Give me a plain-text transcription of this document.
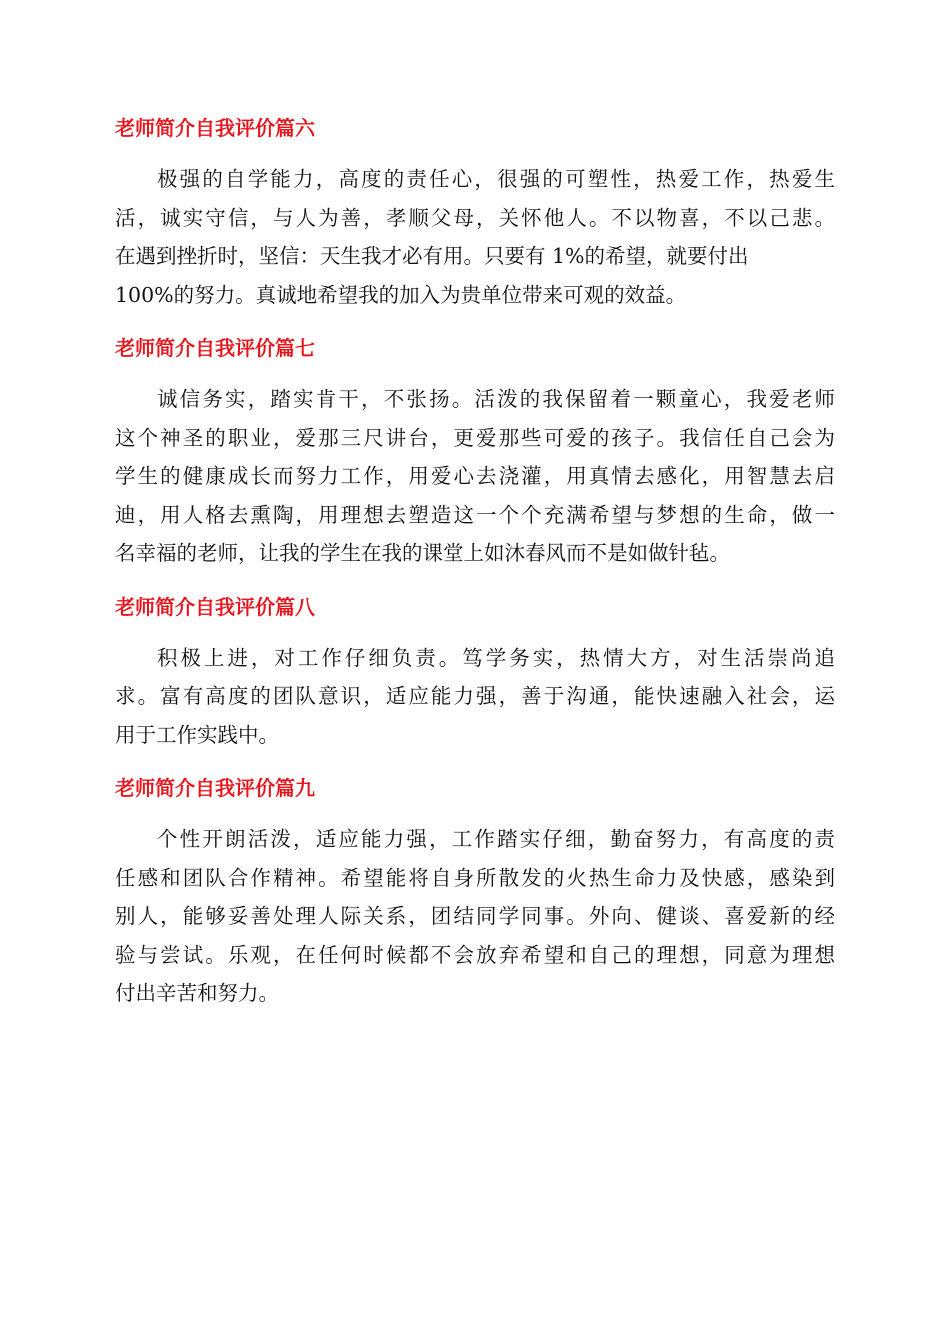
老师简介自我评价篇六

极强的自学能力，高度的责任心，很强的可塑性，热爱工作，热爱生
活，诚实守信，与人为善，孝顺父母，关怀他人。不以物喜，不以己悲。
在遇到挫折时，坚信：天生我才必有用。只要有 1%的希望，就要付出
100%的努力。真诚地希望我的加入为贵单位带来可观的效益。

老师简介自我评价篇七

诚信务实，踏实肯干，不张扬。活泼的我保留着一颗童心，我爱老师
这个神圣的职业，爱那三尺讲台，更爱那些可爱的孩子。我信任自己会为
学生的健康成长而努力工作，用爱心去浇灌，用真情去感化，用智慧去启
迪，用人格去熏陶，用理想去塑造这一个个充满希望与梦想的生命，做一
名幸福的老师，让我的学生在我的课堂上如沐春风而不是如做针毡。

老师简介自我评价篇八

积极上进，对工作仔细负责。笃学务实，热情大方，对生活崇尚追
求。富有高度的团队意识，适应能力强，善于沟通，能快速融入社会，运
用于工作实践中。

老师简介自我评价篇九

个性开朗活泼，适应能力强，工作踏实仔细，勤奋努力，有高度的责
任感和团队合作精神。希望能将自身所散发的火热生命力及快感，感染到
别人，能够妥善处理人际关系，团结同学同事。外向、健谈、喜爱新的经
验与尝试。乐观，在任何时候都不会放弃希望和自己的理想，同意为理想
付出辛苦和努力。
